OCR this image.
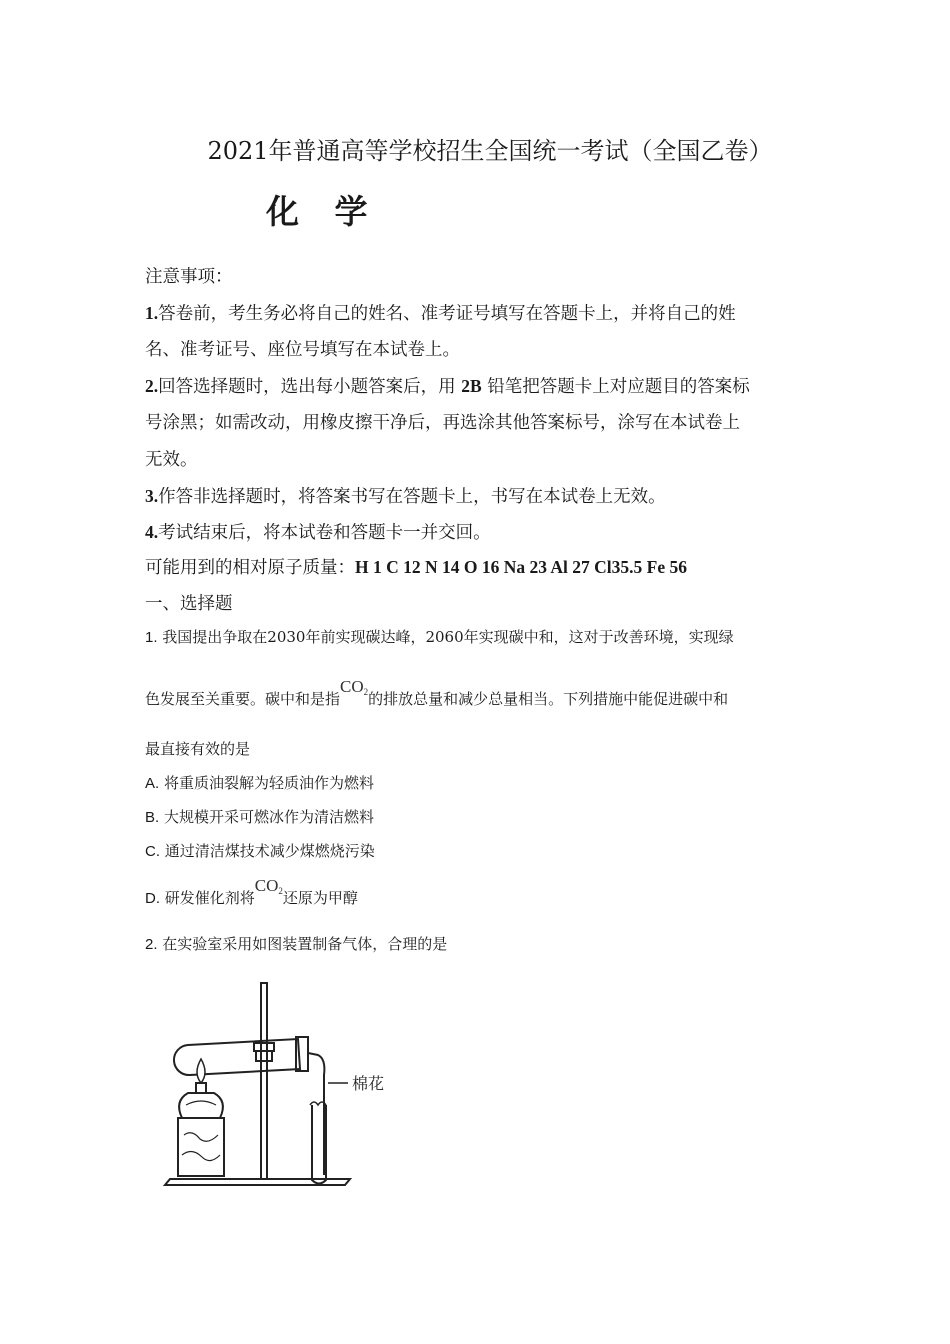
2021年普通高等学校招生全国统一考试（全国乙卷）
化 学
注意事项：
1.答卷前，考生务必将自己的姓名、准考证号填写在答题卡上，并将自己的姓
名、准考证号、座位号填写在本试卷上。
2.回答选择题时，选出每小题答案后，用 2B 铅笔把答题卡上对应题目的答案标
号涂黑；如需改动，用橡皮擦干净后，再选涂其他答案标号，涂写在本试卷上
无效。
3.作答非选择题时，将答案书写在答题卡上，书写在本试卷上无效。
4.考试结束后，将本试卷和答题卡一并交回。
可能用到的相对原子质量：H 1 C 12 N 14 O 16 Na 23 Al 27 Cl35.5 Fe 56
一、选择题
1. 我国提出争取在2030年前实现碳达峰，2060年实现碳中和，这对于改善环境，实现绿
色发展至关重要。碳中和是指$CO_2$的排放总量和减少总量相当。下列措施中能促进碳中和
最直接有效的是
A. 将重质油裂解为轻质油作为燃料
B. 大规模开采可燃冰作为清洁燃料
C. 通过清洁煤技术减少煤燃烧污染
D. 研发催化剂将$CO_2$还原为甲醇
2. 在实验室采用如图装置制备气体，合理的是
棉花
